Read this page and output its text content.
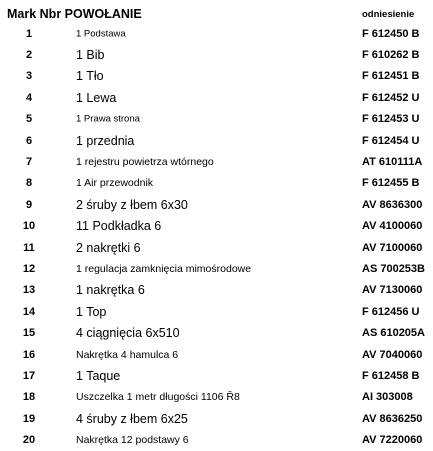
Mark Nbr POWOŁANIE	odniesienie
1	1 Podstawa	F 612450 B
2	1 Bib	F 610262 B
3	1 Tło	F 612451 B
4	1 Lewa	F 612452 U
5	1 Prawa strona	F 612453 U
6	1 przednia	F 612454 U
7	1 rejestru powietrza wtórnego	AT 610111A
8	1 Air przewodnik	F 612455 B
9	2 śruby z łbem 6x30	AV 8636300
10	11 Podkładka 6	AV 4100060
11	2 nakrętki 6	AV 7100060
12	1 regulacja zamknięcia mimośrodowe	AS 700253B
13	1 nakrętka 6	AV 7130060
14	1 Top	F 612456 U
15	4 ciągnięcia 6x510	AS 610205A
16	Nakrętka 4 hamulca 6	AV 7040060
17	1 Taque	F 612458 B
18	Uszczelka 1 metr długości 1106 Ř8	AI 303008
19	4 śruby z łbem 6x25	AV 8636250
20	Nakrętka 12 podstawy 6	AV 7220060
